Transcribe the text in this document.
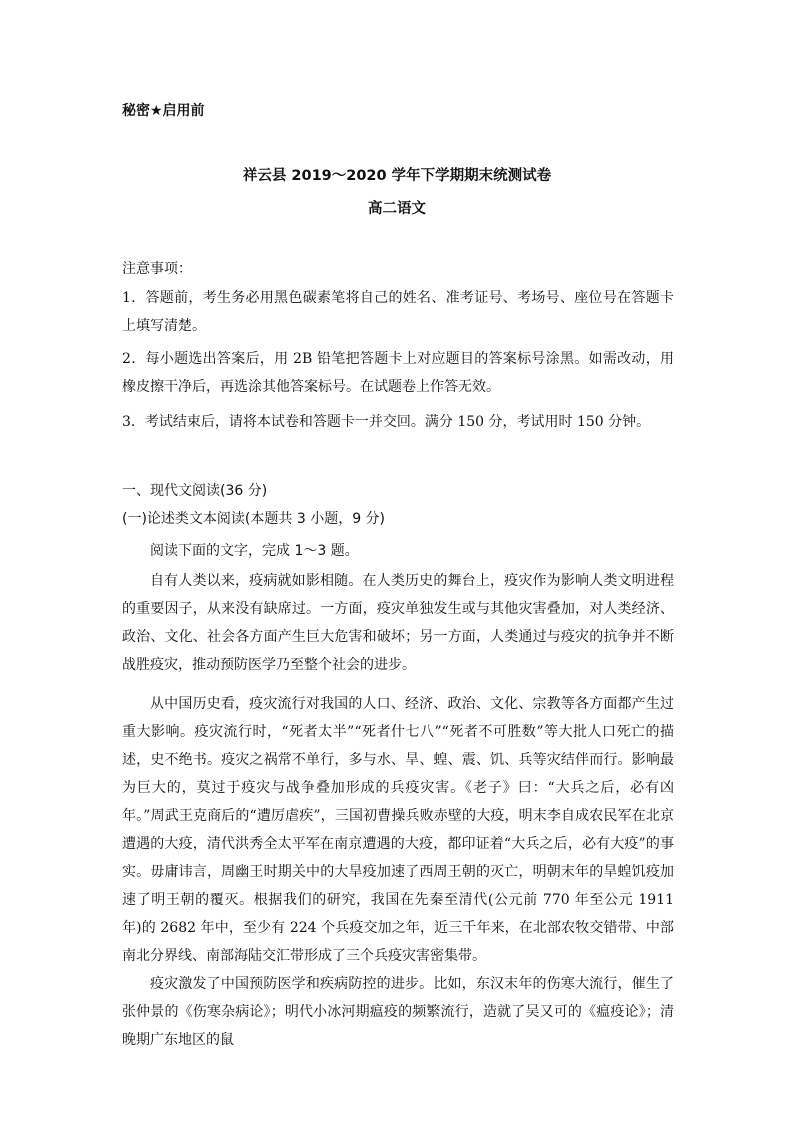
秘密★启用前
祥云县 2019～2020 学年下学期期末统测试卷
高二语文
注意事项：

1．答题前，考生务必用黑色碳素笔将自己的姓名、准考证号、考场号、座位号在答题卡上填写清楚。

2．每小题选出答案后，用 2B 铅笔把答题卡上对应题目的答案标号涂黑。如需改动，用橡皮擦干净后，再选涂其他答案标号。在试题卷上作答无效。

3．考试结束后，请将本试卷和答题卡一并交回。满分 150 分，考试用时 150 分钟。

一、现代文阅读(36 分)
(一)论述类文本阅读(本题共 3 小题，9 分)
阅读下面的文字，完成 1～3 题。

自有人类以来，疫病就如影相随。在人类历史的舞台上，疫灾作为影响人类文明进程的重要因子，从来没有缺席过。一方面，疫灾单独发生或与其他灾害叠加，对人类经济、政治、文化、社会各方面产生巨大危害和破坏；另一方面，人类通过与疫灾的抗争并不断战胜疫灾，推动预防医学乃至整个社会的进步。

从中国历史看，疫灾流行对我国的人口、经济、政治、文化、宗教等各方面都产生过重大影响。疫灾流行时，“死者太半”“死者什七八”“死者不可胜数”等大批人口死亡的描述，史不绝书。疫灾之祸常不单行，多与水、旱、蝗、震、饥、兵等灾结伴而行。影响最为巨大的，莫过于疫灾与战争叠加形成的兵疫灾害。《老子》曰：“大兵之后，必有凶年。”周武王克商后的“遭厉虐疾”，三国初曹操兵败赤壁的大疫，明末李自成农民军在北京遭遇的大疫，清代洪秀全太平军在南京遭遇的大疫，都印证着“大兵之后，必有大疫”的事实。毋庸讳言，周幽王时期关中的大旱疫加速了西周王朝的灭亡，明朝末年的旱蝗饥疫加速了明王朝的覆灭。根据我们的研究，我国在先秦至清代(公元前 770 年至公元 1911 年)的 2682 年中，至少有 224 个兵疫交加之年，近三千年来，在北部农牧交错带、中部南北分界线、南部海陆交汇带形成了三个兵疫灾害密集带。

疫灾激发了中国预防医学和疾病防控的进步。比如，东汉末年的伤寒大流行，催生了张仲景的《伤寒杂病论》；明代小冰河期瘟疫的频繁流行，造就了吴又可的《瘟疫论》；清晚期广东地区的鼠
